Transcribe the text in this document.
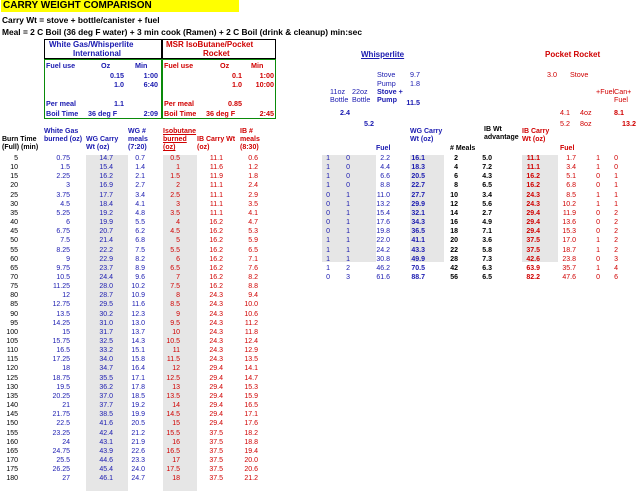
CARRY WEIGHT COMPARISON
Carry Wt = stove + bottle/canister + fuel
Meal = 2 C Boil (36 deg F water) + 3 min cook (Ramen) + 2 C Boil (drink & cleanup) min:sec
White Gas/Whisperlite
International
Fuel use	Oz	Min
0.15	1:00
1.0	6:40
Per meal	1.1
Boil Time 36 deg F	2:09
MSR IsoButane/Pocket
Rocket
Fuel use	Oz	Min
0.1	1:00
1.0	10:00
Per meal	0.85
Boil Time 36 deg F	2:45
Whisperlite
Stove	9.7
Pump	1.8
Stove + Pump	11.5
11oz Bottle
22oz Bottle
2.4
5.2
Pocket Rocket
3.0 Stove
+Fuel Can+ Fuel
8.1
4.1 4oz
5.2 8oz	13.2
Burn Time (Full) (min)
White Gas burned (oz) WG Carry Wt (oz)
WG # meals (7:20)
Isobutane burned (oz)
IB Carry Wt (oz)
IB # meals (8:30)	Fuel
WG Carry Wt (oz)
# Meals
IB Wt advantage
IB Carry Wt (oz)
Fuel
5	0.75	14.7	0.7	0.5	11.1	0.6	1	0	2.2	16.1	2	5.0	11.1	1.7	1	0
10	1.5	15.4	1.4	1	11.6	1.2	1	0	4.4	18.3	4	7.2	11.1	3.4	1	0
15	2.25	16.2	2.1	1.5	11.9	1.8	1	0	6.6	20.5	6	4.3	16.2	5.1	0	1
20	3	16.9	2.7	2	11.1	2.4	1	0	8.8	22.7	8	6.5	16.2	6.8	0	1
25	3.75	17.7	3.4	2.5	11.1	2.9	0	1	11.0	27.7	10	3.4	24.3	8.5	1	1
30	4.5	18.4	4.1	3	11.1	3.5	0	1	13.2	29.9	12	5.6	24.3	10.2	1	1
35	5.25	19.2	4.8	3.5	11.1	4.1	0	1	15.4	32.1	14	2.7	29.4	11.9	0	2
40	6	19.9	5.5	4	16.2	4.7	0	1	17.6	34.3	16	4.9	29.4	13.6	0	2
45	6.75	20.7	6.2	4.5	16.2	5.3	0	1	19.8	36.5	18	7.1	29.4	15.3	0	2
50	7.5	21.4	6.8	5	16.2	5.9	1	1	22.0	41.1	20	3.6	37.5	17.0	1	2
55	8.25	22.2	7.5	5.5	16.2	6.5	1	1	24.2	43.3	22	5.8	37.5	18.7	1	2
60	9	22.9	8.2	6	16.2	7.1	1	1	30.8	49.9	28	7.3	42.6	23.8	0	3
65	9.75	23.7	8.9	6.5	16.2	7.6	1	2	46.2	70.5	42	6.3	63.9	35.7	1	4
70	10.5	24.4	9.6	7	16.2	8.2	0	3	61.6	88.7	56	6.5	82.2	47.6	0	6
75	11.25	28.0	10.2	7.5	16.2	8.8
80	12	28.7	10.9	8	24.3	9.4
85	12.75	29.5	11.6	8.5	24.3	10.0
90	13.5	30.2	12.3	9	24.3	10.6
95	14.25	31.0	13.0	9.5	24.3	11.2
100	15	31.7	13.7	10	24.3	11.8
105	15.75	32.5	14.3	10.5	24.3	12.4
110	16.5	33.2	15.1	11	24.3	12.9
115	17.25	34.0	15.8	11.5	24.3	13.5
120	18	34.7	16.4	12	29.4	14.1
125	18.75	35.5	17.1	12.5	29.4	14.7
130	19.5	36.2	17.8	13	29.4	15.3
135	20.25	37.0	18.5	13.5	29.4	15.9
140	21	37.7	19.2	14	29.4	16.5
145	21.75	38.5	19.9	14.5	29.4	17.1
150	22.5	41.6	20.5	15	29.4	17.6
155	23.25	42.4	21.2	15.5	37.5	18.2
160	24	43.1	21.9	16	37.5	18.8
165	24.75	43.9	22.6	16.5	37.5	19.4
170	25.5	44.6	23.3	17	37.5	20.0
175	26.25	45.4	24.0	17.5	37.5	20.6
180	27	46.1	24.7	18	37.5	21.2
